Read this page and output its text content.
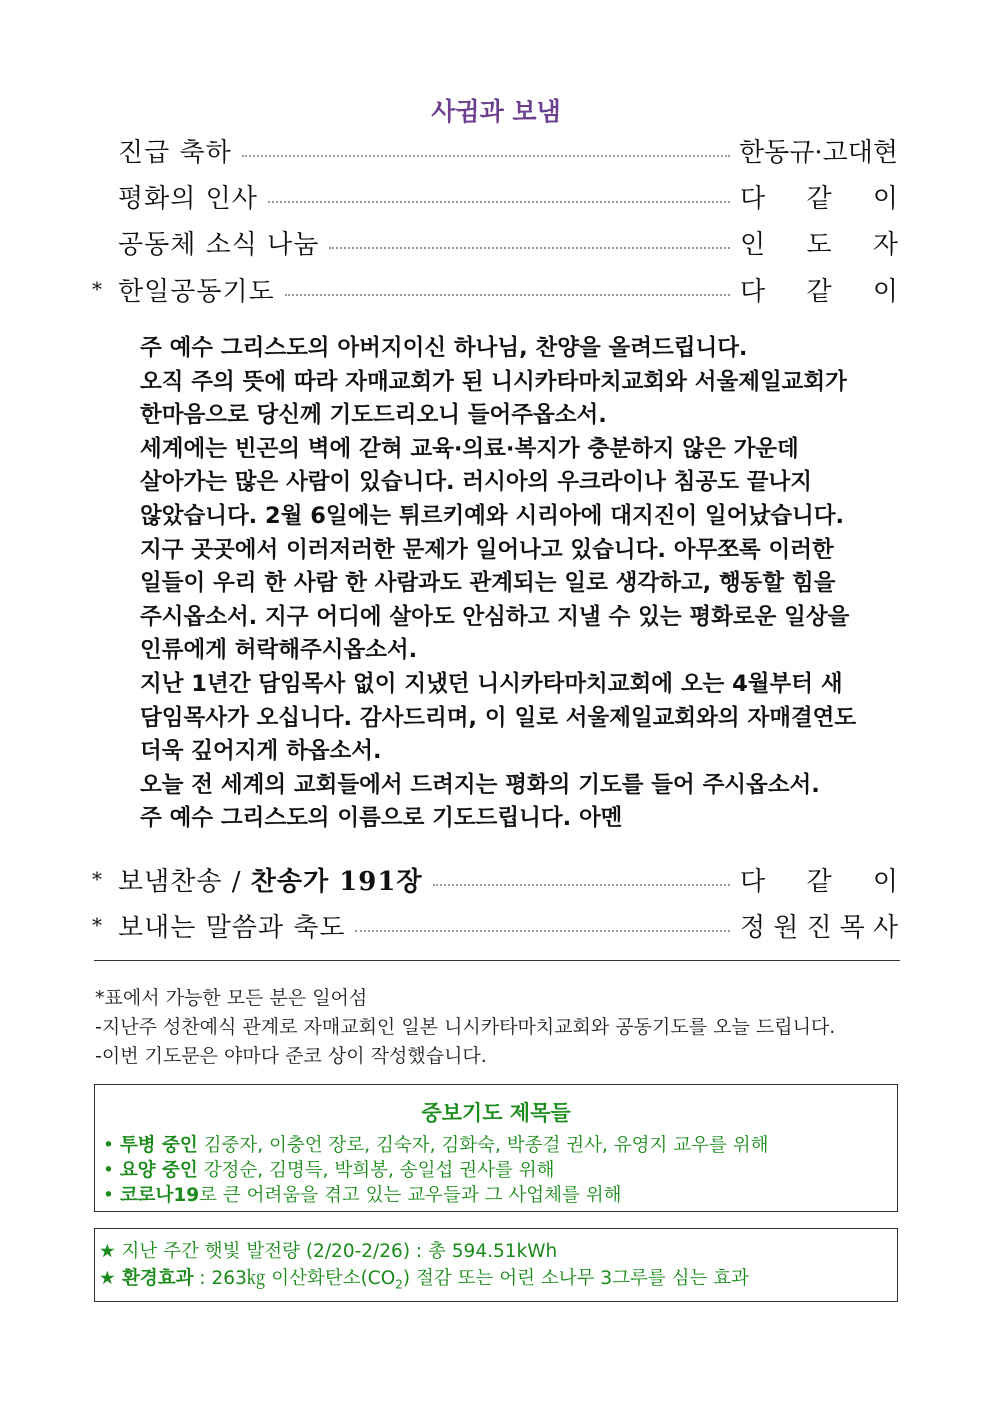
사귐과 보냄
진급 축하	한동규·고대현
평화의 인사	다 같 이
공동체 소식 나눔	인 도 자
* 한일공동기도	다 같 이
주 예수 그리스도의 아버지이신 하나님, 찬양을 올려드립니다.
오직 주의 뜻에 따라 자매교회가 된 니시카타마치교회와 서울제일교회가
한마음으로 당신께 기도드리오니 들어주옵소서.
세계에는 빈곤의 벽에 갇혀 교육·의료·복지가 충분하지 않은 가운데
살아가는 많은 사람이 있습니다. 러시아의 우크라이나 침공도 끝나지
않았습니다. 2월 6일에는 튀르키예와 시리아에 대지진이 일어났습니다.
지구 곳곳에서 이러저러한 문제가 일어나고 있습니다. 아무쪼록 이러한
일들이 우리 한 사람 한 사람과도 관계되는 일로 생각하고, 행동할 힘을
주시옵소서. 지구 어디에 살아도 안심하고 지낼 수 있는 평화로운 일상을
인류에게 허락해주시옵소서.
지난 1년간 담임목사 없이 지냈던 니시카타마치교회에 오는 4월부터 새
담임목사가 오십니다. 감사드리며, 이 일로 서울제일교회와의 자매결연도
더욱 깊어지게 하옵소서.
오늘 전 세계의 교회들에서 드려지는 평화의 기도를 들어 주시옵소서.
주 예수 그리스도의 이름으로 기도드립니다. 아멘
* 보냄찬송 / 찬송가 191장	다 같 이
* 보내는 말씀과 축도	정 원 진 목 사
*표에서 가능한 모든 분은 일어섬
-지난주 성찬예식 관계로 자매교회인 일본 니시카타마치교회와 공동기도를 오늘 드립니다.
-이번 기도문은 야마다 준코 상이 작성했습니다.
중보기도 제목들
• 투병 중인 김중자, 이충언 장로, 김숙자, 김화숙, 박종걸 권사, 유영지 교우를 위해
• 요양 중인 강정순, 김명득, 박희봉, 송일섭 권사를 위해
• 코로나19로 큰 어려움을 겪고 있는 교우들과 그 사업체를 위해
★ 지난 주간 햇빛 발전량 (2/20-2/26) : 총 594.51kWh
★ 환경효과 : 263㎏ 이산화탄소$(CO_2)$ 절감 또는 어린 소나무 3그루를 심는 효과
